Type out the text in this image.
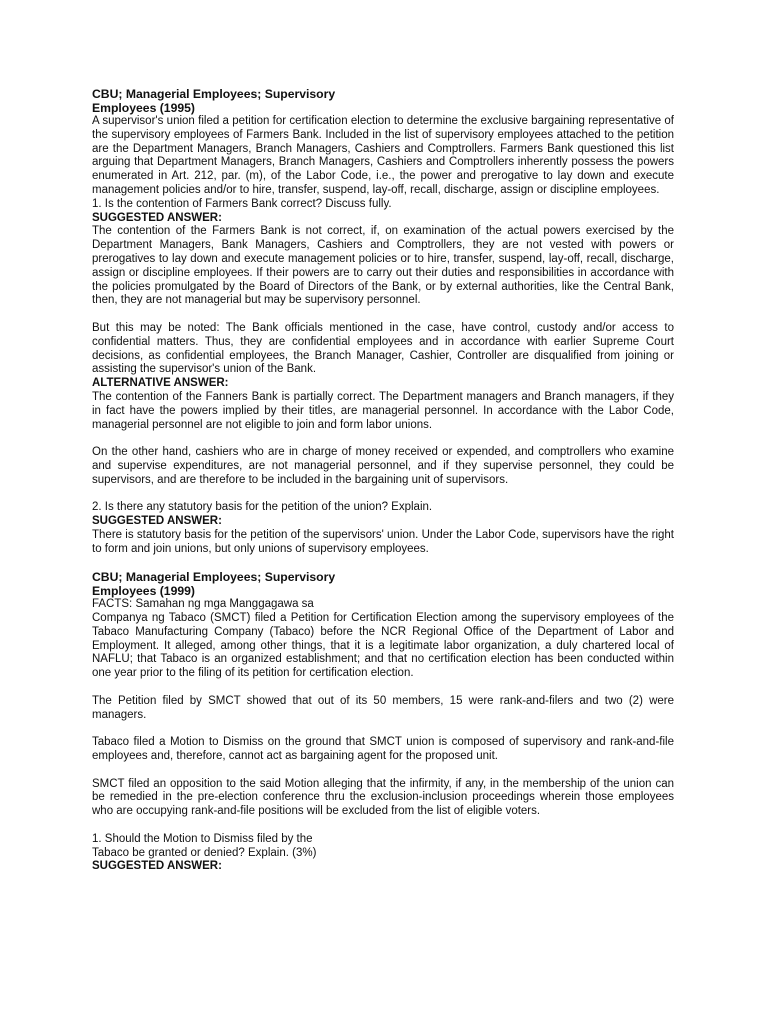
CBU; Managerial Employees; Supervisory
Employees (1995)

A supervisor's union filed a petition for certification election to determine the exclusive bargaining representative of the supervisory employees of Farmers Bank. Included in the list of supervisory employees attached to the petition are the Department Managers, Branch Managers, Cashiers and Comptrollers. Farmers Bank questioned this list arguing that Department Managers, Branch Managers, Cashiers and Comptrollers inherently possess the powers enumerated in Art. 212, par. (m), of the Labor Code, i.e., the power and prerogative to lay down and execute management policies and/or to hire, transfer, suspend, lay-off, recall, discharge, assign or discipline employees.

1. Is the contention of Farmers Bank correct? Discuss fully.

SUGGESTED ANSWER:

The contention of the Farmers Bank is not correct, if, on examination of the actual powers exercised by the Department Managers, Bank Managers, Cashiers and Comptrollers, they are not vested with powers or prerogatives to lay down and execute management policies or to hire, transfer, suspend, lay-off, recall, discharge, assign or discipline employees. If their powers are to carry out their duties and responsibilities in accordance with the policies promulgated by the Board of Directors of the Bank, or by external authorities, like the Central Bank, then, they are not managerial but may be supervisory personnel.

But this may be noted: The Bank officials mentioned in the case, have control, custody and/or access to confidential matters. Thus, they are confidential employees and in accordance with earlier Supreme Court decisions, as confidential employees, the Branch Manager, Cashier, Controller are disqualified from joining or assisting the supervisor's union of the Bank.

ALTERNATIVE ANSWER:

The contention of the Fanners Bank is partially correct. The Department managers and Branch managers, if they in fact have the powers implied by their titles, are managerial personnel. In accordance with the Labor Code, managerial personnel are not eligible to join and form labor unions.

On the other hand, cashiers who are in charge of money received or expended, and comptrollers who examine and supervise expenditures, are not managerial personnel, and if they supervise personnel, they could be supervisors, and are therefore to be included in the bargaining unit of supervisors.

2. Is there any statutory basis for the petition of the union? Explain.

SUGGESTED ANSWER:

There is statutory basis for the petition of the supervisors' union. Under the Labor Code, supervisors have the right to form and join unions, but only unions of supervisory employees.

CBU; Managerial Employees; Supervisory
Employees (1999)

FACTS: Samahan ng mga Manggagawa sa

Companya ng Tabaco (SMCT) filed a Petition for Certification Election among the supervisory employees of the Tabaco Manufacturing Company (Tabaco) before the NCR Regional Office of the Department of Labor and Employment. It alleged, among other things, that it is a legitimate labor organization, a duly chartered local of NAFLU; that Tabaco is an organized establishment; and that no certification election has been conducted within one year prior to the filing of its petition for certification election.

The Petition filed by SMCT showed that out of its 50 members, 15 were rank-and-filers and two (2) were managers.

Tabaco filed a Motion to Dismiss on the ground that SMCT union is composed of supervisory and rank-and-file employees and, therefore, cannot act as bargaining agent for the proposed unit.

SMCT filed an opposition to the said Motion alleging that the infirmity, if any, in the membership of the union can be remedied in the pre-election conference thru the exclusion-inclusion proceedings wherein those employees who are occupying rank-and-file positions will be excluded from the list of eligible voters.

1. Should the Motion to Dismiss filed by the

Tabaco be granted or denied? Explain. (3%)

SUGGESTED ANSWER:
